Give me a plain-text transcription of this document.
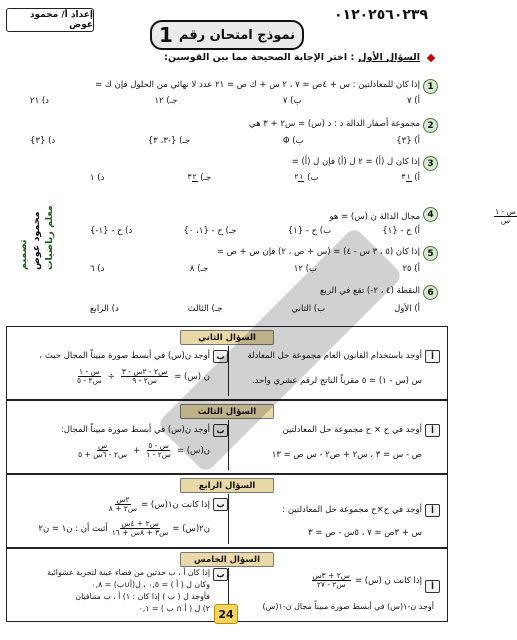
إعداد أ/ محمود عوض
نموذج امتحان رقم
1
٠١٢٠٢٥٦٠٢٣٩
السؤال الأول
: اختر الإجابة الصحيحة مما بين القوسين:
1
إذا كان للمعادلتين : س + ٤ص = ٧ ، ٢ س + ك ص = ٢١ عدد لا نهائي من الحلول فإن ك =
أ) ٧
ب) ٧
جـ) ١٢
د) ٢١
2
مجموعة أصفار الدالة د : د (س) = س٢ + ٣ هي
أ) {٣}
ب) Φ
جـ) {-٣، ٣}
د) {٣}
3
إذا كان ل (أ) = ٢ ل (أ) فإن ل (أ) =
أ) ١٣
ب) ١٢
جـ) ٢٣
د) ١
4
مجال الدالة ن (س) = هو	$\frac{\text{س - ١}}{\text{س}}$
أ) ح - {١}
ب) ح - {١}
جـ) ح - {١، ٠}
د) ح - {١-}
5
إذا كان (٥ ، ٣ س - ٤) = (س + ص ، ٢) فإن س + ص =
أ) ٢٥
ب) ١٢
جـ) ٨
د) ٦
6
النقطة (٤ ، ٢-) تقع في الربع
أ) الأول
ب) الثاني
جـ) الثالث
د) الرابع
تصميم محمود عوض معلم رياضيات
السؤال الثاني
أ
أوجد باستخدام القانون العام مجموعة حل المعادلة
س (س - ١) = ٥ مقرباً الناتج لرقم عشري واحد.
ب
أوجد ن(س) في أبسط صورة مبيناً المجال حيث ،
ن (س) =
$\frac{\text{س٢ - ٢س - ٣}}{\text{س٢ - ٩}}$
÷
$\frac{\text{س - ١}}{\text{س٢ - ٥}}$
السؤال الثالث
أ
أوجد في ح × ح مجموعة حل المعادلتين
ص - س = ٣ ، س٢ + ص٢ - س ص = ١٣
ب
أوجد ن(س) في أبسط صورة مبيناً المجال:
ن(س) =
$\frac{\text{س - ٥}}{\text{س٢ - ١}}$
+
$\frac{\text{س}}{\text{س٢ - ٦س + ٥}}$
السؤال الرابع
أ
أوجد في ح×ح مجموعة حل المعادلتين :
س + ٣ص = ٧ ، ٥س - ص = ٣
ب
إذا كانت ن١(س) =
$\frac{\text{٢س}}{\text{س٢ + ٨}}$
ن٢(س) =
$\frac{\text{س٢ + ٤س}}{\text{س٣ + ٨س + ١٦}}$
أثبت أن : ن١ = ن٢
السؤال الخامس
أ
إذا كانت ن (س) =
$\frac{\text{س٢ + ٣س}}{\text{س٢ - ٢٧}}$
أوجد ن-١(س) في أبسط صورة مبيناً مجال ن-١(س)
ب
إذا كان أ ، ب حدثين من فضاء عينة لتجربة عشوائية
وكان ل ( أ ) = ٠,٥ ، ل(أ∪ب) = ٠,٨
فأوجد ل ( ب ) إذا كان : ١) أ ، ب متنافيان
٢) ل ( أ ∩ ب ) = ٠,١ 24
